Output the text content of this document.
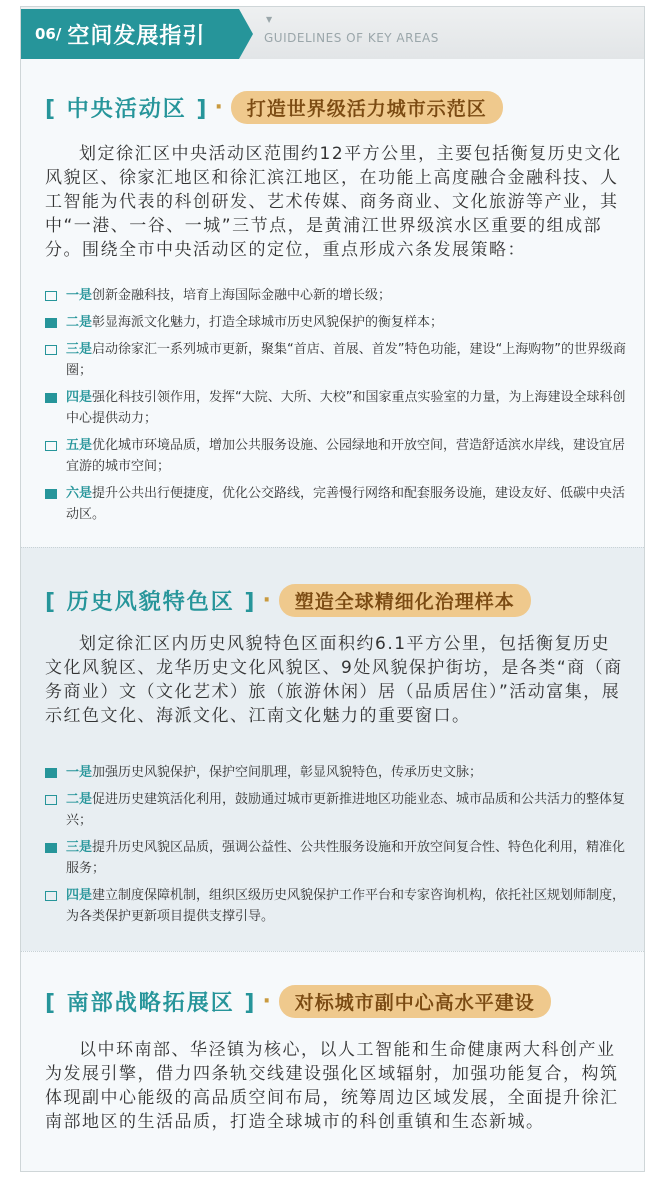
06/ 空间发展指引
▼
GUIDELINES OF KEY AREAS
[ 中央活动区 ] ·	打造世界级活力城市示范区
划定徐汇区中央活动区范围约12平方公里，主要包括衡复历史文化风貌区、徐家汇地区和徐汇滨江地区，在功能上高度融合金融科技、人工智能为代表的科创研发、艺术传媒、商务商业、文化旅游等产业，其中“一港、一谷、一城”三节点，是黄浦江世界级滨水区重要的组成部分。围绕全市中央活动区的定位，重点形成六条发展策略：
一是创新金融科技，培育上海国际金融中心新的增长级；
二是彰显海派文化魅力，打造全球城市历史风貌保护的衡复样本；
三是启动徐家汇一系列城市更新，聚集“首店、首展、首发”特色功能，建设“上海购物”的世界级商圈；
四是强化科技引领作用，发挥“大院、大所、大校”和国家重点实验室的力量，为上海建设全球科创中心提供动力；
五是优化城市环境品质，增加公共服务设施、公园绿地和开放空间，营造舒适滨水岸线，建设宜居宜游的城市空间；
六是提升公共出行便捷度，优化公交路线，完善慢行网络和配套服务设施，建设友好、低碳中央活动区。
[ 历史风貌特色区 ] ·	塑造全球精细化治理样本
划定徐汇区内历史风貌特色区面积约6.1平方公里，包括衡复历史文化风貌区、龙华历史文化风貌区、9处风貌保护街坊，是各类“商（商务商业）文（文化艺术）旅（旅游休闲）居（品质居住）”活动富集，展示红色文化、海派文化、江南文化魅力的重要窗口。
一是加强历史风貌保护，保护空间肌理，彰显风貌特色，传承历史文脉；
二是促进历史建筑活化利用，鼓励通过城市更新推进地区功能业态、城市品质和公共活力的整体复兴；
三是提升历史风貌区品质，强调公益性、公共性服务设施和开放空间复合性、特色化利用，精准化服务；
四是建立制度保障机制，组织区级历史风貌保护工作平台和专家咨询机构，依托社区规划师制度，为各类保护更新项目提供支撑引导。
[ 南部战略拓展区 ] ·	对标城市副中心高水平建设
以中环南部、华泾镇为核心，以人工智能和生命健康两大科创产业为发展引擎，借力四条轨交线建设强化区域辐射，加强功能复合，构筑体现副中心能级的高品质空间布局，统筹周边区域发展，全面提升徐汇南部地区的生活品质，打造全球城市的科创重镇和生态新城。
